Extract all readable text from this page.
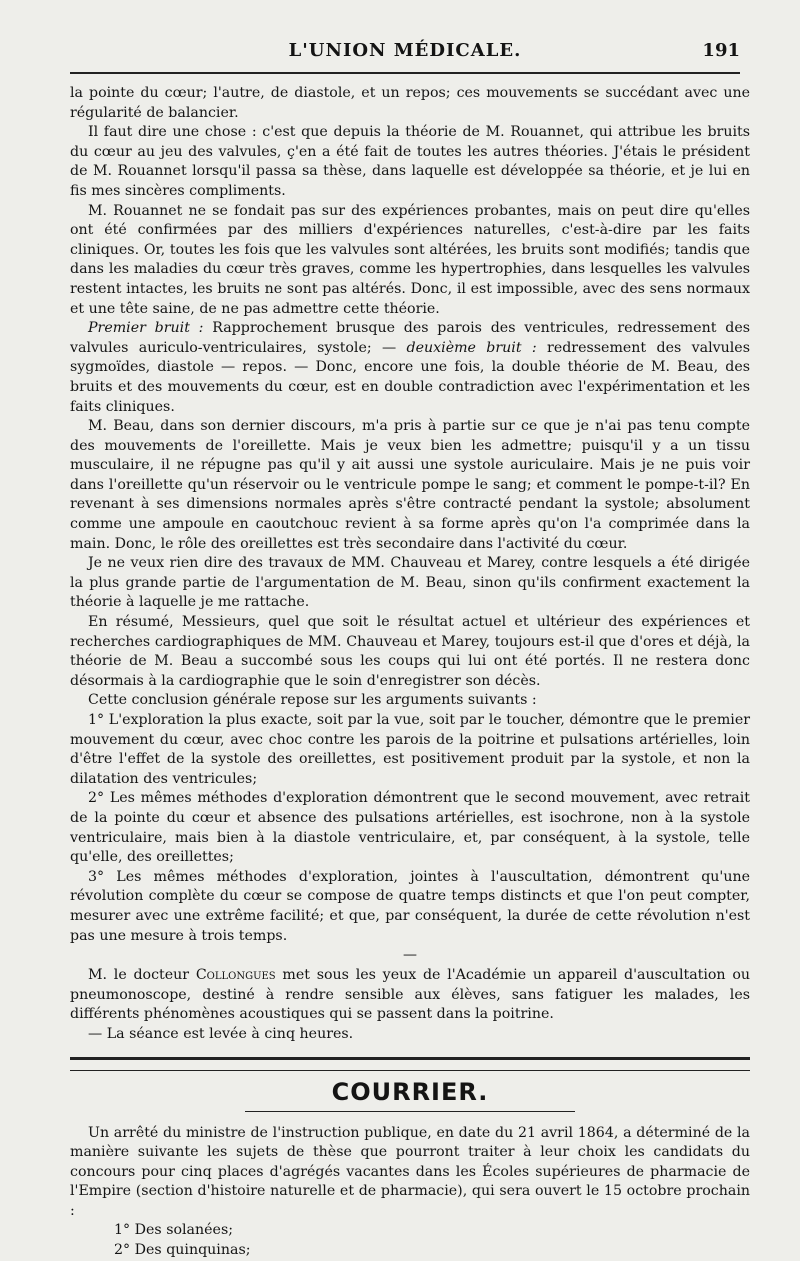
L'UNION MÉDICALE.	191

la pointe du cœur; l'autre, de diastole, et un repos; ces mouvements se succédant avec une régularité de balancier.

Il faut dire une chose : c'est que depuis la théorie de M. Rouannet, qui attribue les bruits du cœur au jeu des valvules, ç'en a été fait de toutes les autres théories. J'étais le président de M. Rouannet lorsqu'il passa sa thèse, dans laquelle est développée sa théorie, et je lui en fis mes sincères compliments.

M. Rouannet ne se fondait pas sur des expériences probantes, mais on peut dire qu'elles ont été confirmées par des milliers d'expériences naturelles, c'est-à-dire par les faits cliniques. Or, toutes les fois que les valvules sont altérées, les bruits sont modifiés; tandis que dans les maladies du cœur très graves, comme les hypertrophies, dans lesquelles les valvules restent intactes, les bruits ne sont pas altérés. Donc, il est impossible, avec des sens normaux et une tête saine, de ne pas admettre cette théorie.

Premier bruit : Rapprochement brusque des parois des ventricules, redressement des valvules auriculo-ventriculaires, systole; — deuxième bruit : redressement des valvules sygmoïdes, diastole — repos. — Donc, encore une fois, la double théorie de M. Beau, des bruits et des mouvements du cœur, est en double contradiction avec l'expérimentation et les faits cliniques.

M. Beau, dans son dernier discours, m'a pris à partie sur ce que je n'ai pas tenu compte des mouvements de l'oreillette. Mais je veux bien les admettre; puisqu'il y a un tissu musculaire, il ne répugne pas qu'il y ait aussi une systole auriculaire. Mais je ne puis voir dans l'oreillette qu'un réservoir ou le ventricule pompe le sang; et comment le pompe-t-il? En revenant à ses dimensions normales après s'être contracté pendant la systole; absolument comme une ampoule en caoutchouc revient à sa forme après qu'on l'a comprimée dans la main. Donc, le rôle des oreillettes est très secondaire dans l'activité du cœur.

Je ne veux rien dire des travaux de MM. Chauveau et Marey, contre lesquels a été dirigée la plus grande partie de l'argumentation de M. Beau, sinon qu'ils confirment exactement la théorie à laquelle je me rattache.

En résumé, Messieurs, quel que soit le résultat actuel et ultérieur des expériences et recherches cardiographiques de MM. Chauveau et Marey, toujours est-il que d'ores et déjà, la théorie de M. Beau a succombé sous les coups qui lui ont été portés. Il ne restera donc désormais à la cardiographie que le soin d'enregistrer son décès.

Cette conclusion générale repose sur les arguments suivants :

1° L'exploration la plus exacte, soit par la vue, soit par le toucher, démontre que le premier mouvement du cœur, avec choc contre les parois de la poitrine et pulsations artérielles, loin d'être l'effet de la systole des oreillettes, est positivement produit par la systole, et non la dilatation des ventricules;

2° Les mêmes méthodes d'exploration démontrent que le second mouvement, avec retrait de la pointe du cœur et absence des pulsations artérielles, est isochrone, non à la systole ventriculaire, mais bien à la diastole ventriculaire, et, par conséquent, à la systole, telle qu'elle, des oreillettes;

3° Les mêmes méthodes d'exploration, jointes à l'auscultation, démontrent qu'une révolution complète du cœur se compose de quatre temps distincts et que l'on peut compter, mesurer avec une extrême facilité; et que, par conséquent, la durée de cette révolution n'est pas une mesure à trois temps.

—

M. le docteur Collongues met sous les yeux de l'Académie un appareil d'auscultation ou pneumonoscope, destiné à rendre sensible aux élèves, sans fatiguer les malades, les différents phénomènes acoustiques qui se passent dans la poitrine.

— La séance est levée à cinq heures.

COURRIER.

Un arrêté du ministre de l'instruction publique, en date du 21 avril 1864, a déterminé de la manière suivante les sujets de thèse que pourront traiter à leur choix les candidats du concours pour cinq places d'agrégés vacantes dans les Écoles supérieures de pharmacie de l'Empire (section d'histoire naturelle et de pharmacie), qui sera ouvert le 15 octobre prochain :

1° Des solanées;
2° Des quinquinas;
